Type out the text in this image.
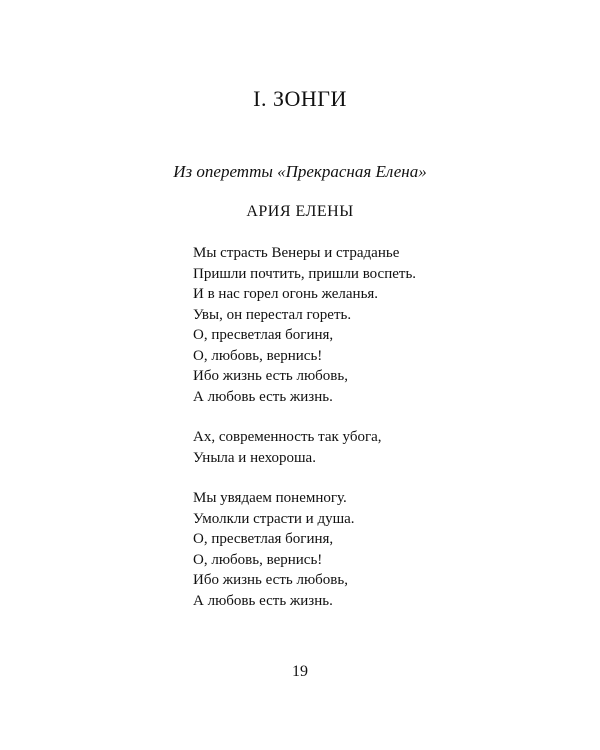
I. ЗОНГИ
Из оперетты «Прекрасная Елена»
АРИЯ ЕЛЕНЫ
Мы страсть Венеры и страданье
Пришли почтить, пришли воспеть.
И в нас горел огонь желанья.
Увы, он перестал гореть.
О, пресветлая богиня,
О, любовь, вернись!
Ибо жизнь есть любовь,
А любовь есть жизнь.
Ах, современность так убога,
Уныла и нехороша.
Мы увядаем понемногу.
Умолкли страсти и душа.
О, пресветлая богиня,
О, любовь, вернись!
Ибо жизнь есть любовь,
А любовь есть жизнь.
19
